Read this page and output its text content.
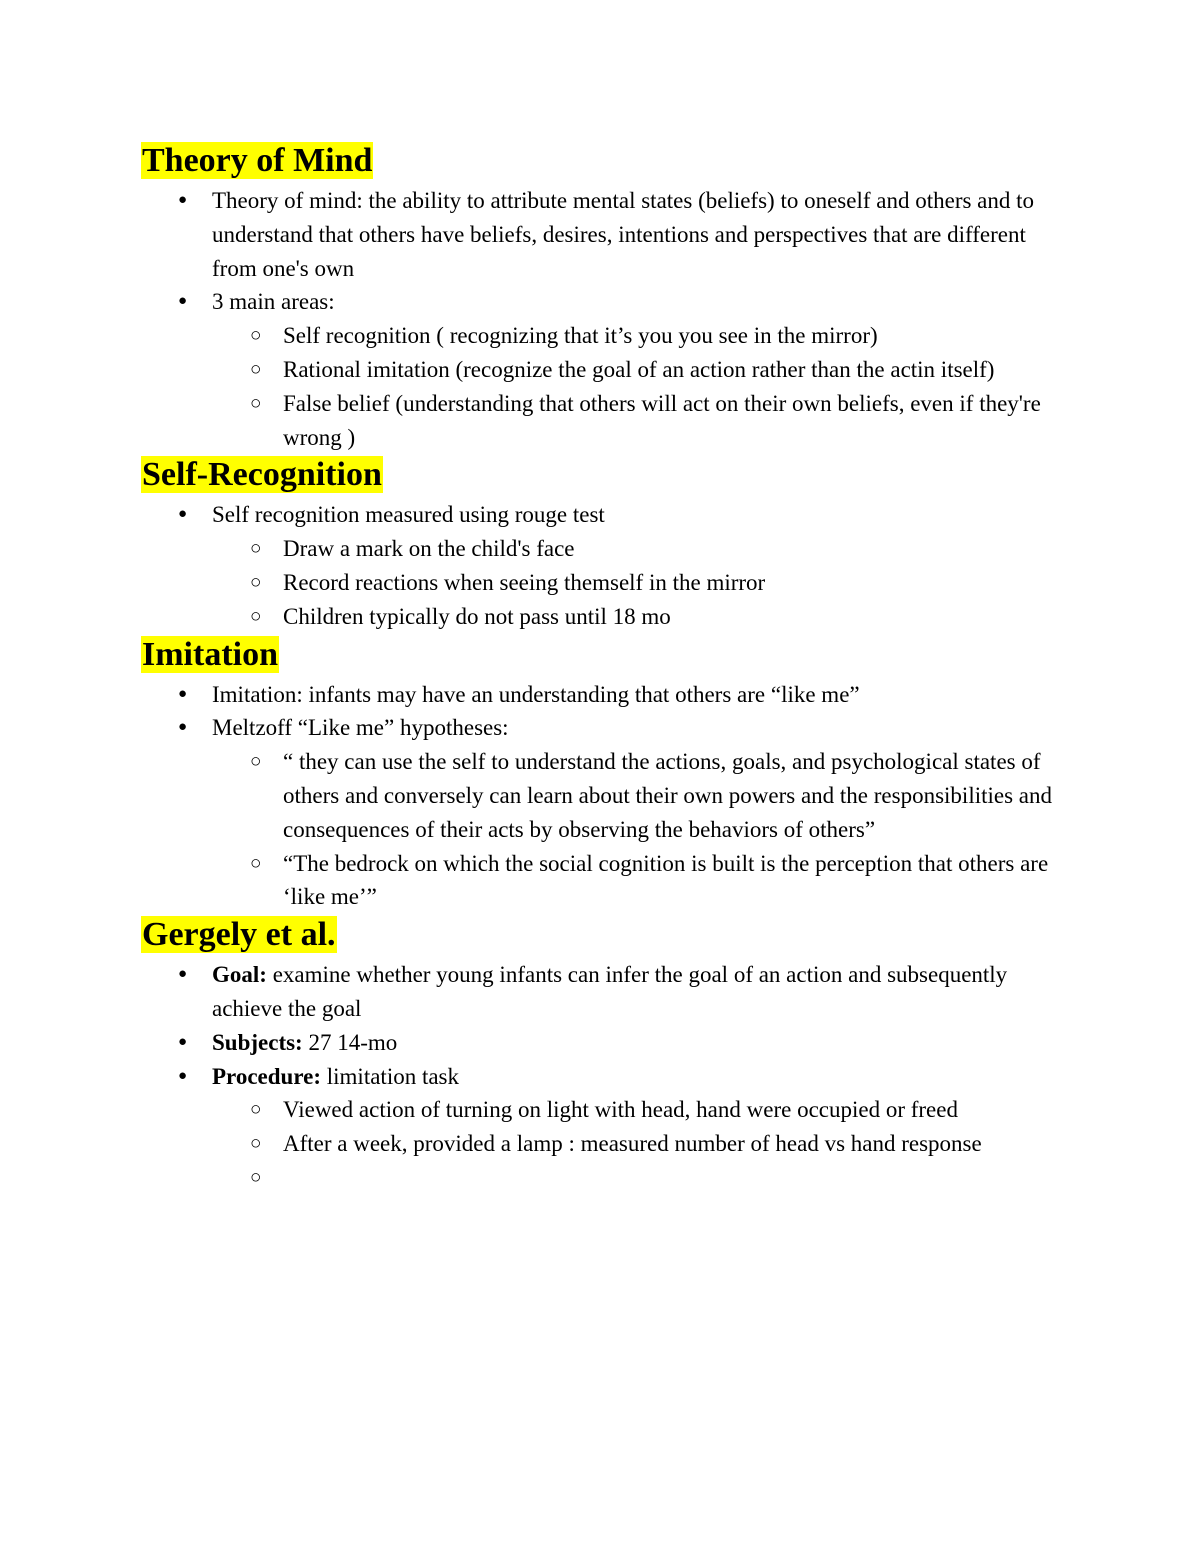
Theory of Mind
● Theory of mind: the ability to attribute mental states (beliefs) to oneself and others and to understand that others have beliefs, desires, intentions and perspectives that are different from one's own
● 3 main areas:
○ Self recognition ( recognizing that it’s you you see in the mirror)
○ Rational imitation (recognize the goal of an action rather than the actin itself)
○ False belief (understanding that others will act on their own beliefs, even if they're wrong )
Self-Recognition
● Self recognition measured using rouge test
○ Draw a mark on the child's face
○ Record reactions when seeing themself in the mirror
○ Children typically do not pass until 18 mo
Imitation
● Imitation: infants may have an understanding that others are “like me”
● Meltzoff “Like me” hypotheses:
○ “ they can use the self to understand the actions, goals, and psychological states of others and conversely can learn about their own powers and the responsibilities and consequences of their acts by observing the behaviors of others”
○ “The bedrock on which the social cognition is built is the perception that others are ‘like me’”
Gergely et al.
● Goal: examine whether young infants can infer the goal of an action and subsequently achieve the goal
● Subjects: 27 14-mo
● Procedure: limitation task
○ Viewed action of turning on light with head, hand were occupied or freed
○ After a week, provided a lamp : measured number of head vs hand response
○
